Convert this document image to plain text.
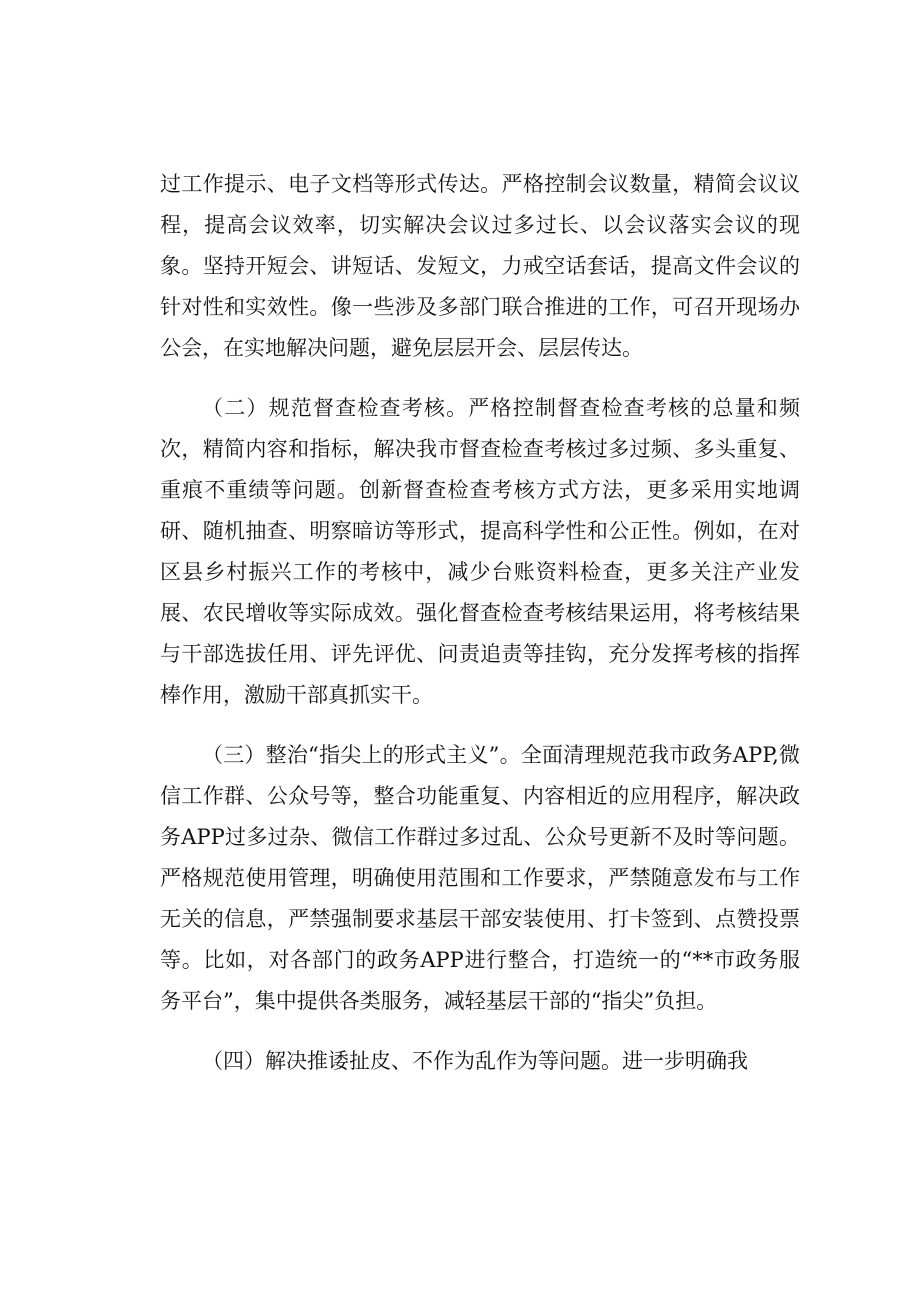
过工作提示、电子文档等形式传达。严格控制会议数量，精简会议议程，提高会议效率，切实解决会议过多过长、以会议落实会议的现象。坚持开短会、讲短话、发短文，力戒空话套话，提高文件会议的针对性和实效性。像一些涉及多部门联合推进的工作，可召开现场办公会，在实地解决问题，避免层层开会、层层传达。

（二）规范督查检查考核。严格控制督查检查考核的总量和频次，精简内容和指标，解决我市督查检查考核过多过频、多头重复、重痕不重绩等问题。创新督查检查考核方式方法，更多采用实地调研、随机抽查、明察暗访等形式，提高科学性和公正性。例如，在对区县乡村振兴工作的考核中，减少台账资料检查，更多关注产业发展、农民增收等实际成效。强化督查检查考核结果运用，将考核结果与干部选拔任用、评先评优、问责追责等挂钩，充分发挥考核的指挥棒作用，激励干部真抓实干。

（三）整治“指尖上的形式主义”。全面清理规范我市政务APP,微信工作群、公众号等，整合功能重复、内容相近的应用程序，解决政务APP过多过杂、微信工作群过多过乱、公众号更新不及时等问题。严格规范使用管理，明确使用范围和工作要求，严禁随意发布与工作无关的信息，严禁强制要求基层干部安装使用、打卡签到、点赞投票等。比如，对各部门的政务APP进行整合，打造统一的“**市政务服务平台”，集中提供各类服务，减轻基层干部的“指尖”负担。

（四）解决推诿扯皮、不作为乱作为等问题。进一步明确我
